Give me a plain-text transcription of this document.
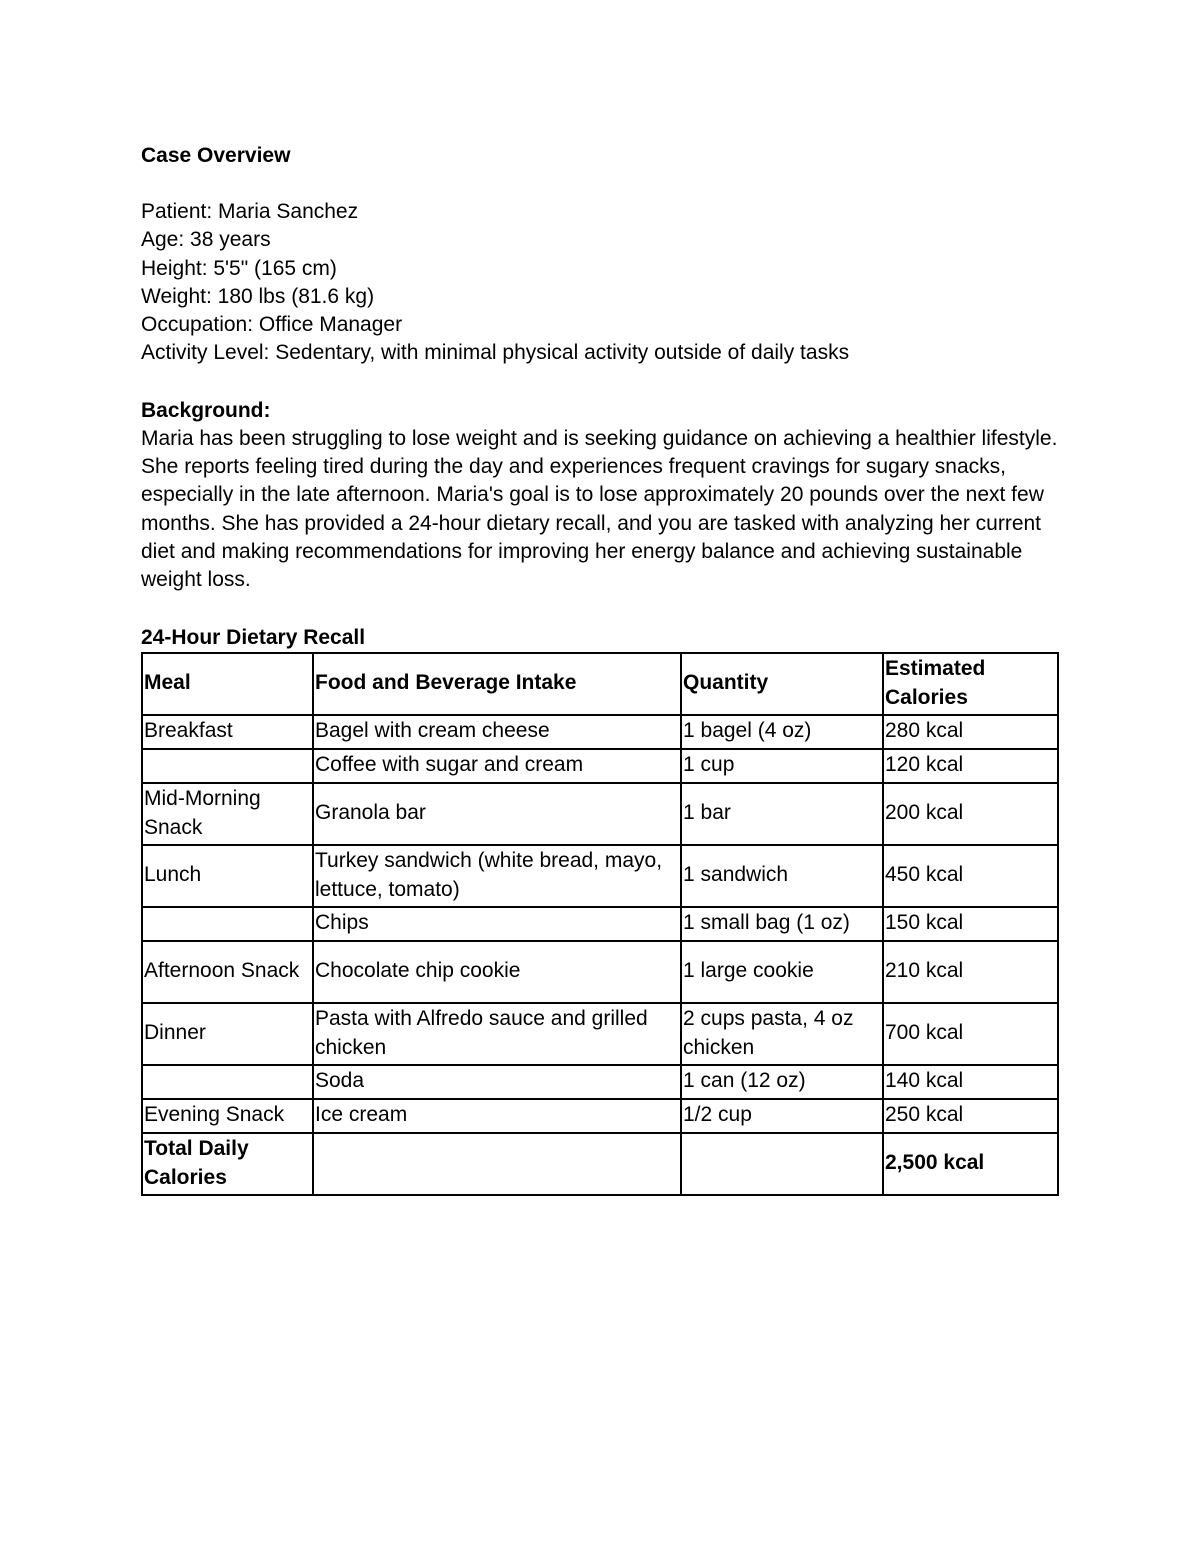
Case Overview

Patient: Maria Sanchez

Age: 38 years

Height: 5'5" (165 cm)

Weight: 180 lbs (81.6 kg)

Occupation: Office Manager

Activity Level: Sedentary, with minimal physical activity outside of daily tasks

Background:

Maria has been struggling to lose weight and is seeking guidance on achieving a healthier lifestyle. She reports feeling tired during the day and experiences frequent cravings for sugary snacks, especially in the late afternoon. Maria's goal is to lose approximately 20 pounds over the next few months. She has provided a 24-hour dietary recall, and you are tasked with analyzing her current diet and making recommendations for improving her energy balance and achieving sustainable weight loss.

24-Hour Dietary Recall

Meal	Food and Beverage Intake	Quantity	Estimated Calories
Breakfast	Bagel with cream cheese	1 bagel (4 oz)	280 kcal
	Coffee with sugar and cream	1 cup	120 kcal
Mid-Morning Snack	Granola bar	1 bar	200 kcal
Lunch	Turkey sandwich (white bread, mayo, lettuce, tomato)	1 sandwich	450 kcal
	Chips	1 small bag (1 oz)	150 kcal
Afternoon Snack	Chocolate chip cookie	1 large cookie	210 kcal
Dinner	Pasta with Alfredo sauce and grilled chicken	2 cups pasta, 4 oz chicken	700 kcal
	Soda	1 can (12 oz)	140 kcal
Evening Snack	Ice cream	1/2 cup	250 kcal
Total Daily Calories			2,500 kcal
